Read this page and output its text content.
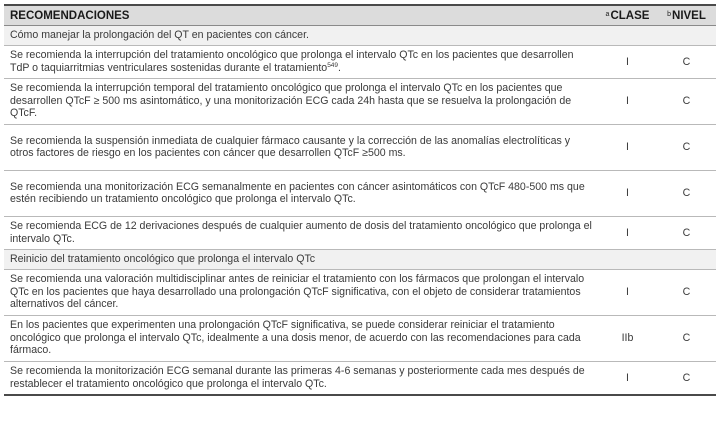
RECOMENDACIONES	$^a$CLASE	$^b$NIVEL
Cómo manejar la prolongación del QT en pacientes con cáncer.		
Se recomienda la interrupción del tratamiento oncológico que prolonga el intervalo QTc en los pacientes que desarrollen TdP o taquiarritmias ventriculares sostenidas durante el tratamiento$^{549}$.	I	C
Se recomienda la interrupción temporal del tratamiento oncológico que prolonga el intervalo QTc en los pacientes que desarrollen QTcF ≥ 500 ms asintomático, y una monitorización ECG cada 24h hasta que se resuelva la prolongación de QTcF.	I	C
Se recomienda la suspensión inmediata de cualquier fármaco causante y la corrección de las anomalías electrolíticas y otros factores de riesgo en los pacientes con cáncer que desarrollen QTcF ≥500 ms.	I	C
Se recomienda una monitorización ECG semanalmente en pacientes con cáncer asintomáticos con QTcF 480-500 ms que estén recibiendo un tratamiento oncológico que prolonga el intervalo QTc.	I	C
Se recomienda ECG de 12 derivaciones después de cualquier aumento de dosis del tratamiento oncológico que prolonga el intervalo QTc.	I	C
Reinicio del tratamiento oncológico que prolonga el intervalo QTc		
Se recomienda una valoración multidisciplinar antes de reiniciar el tratamiento con los fármacos que prolongan el intervalo QTc en los pacientes que haya desarrollado una prolongación QTcF significativa, con el objeto de considerar tratamientos alternativos del cáncer.	I	C
En los pacientes que experimenten una prolongación QTcF significativa, se puede considerar reiniciar el tratamiento oncológico que prolonga el intervalo QTc, idealmente a una dosis menor, de acuerdo con las recomendaciones para cada fármaco.	IIb	C
Se recomienda la monitorización ECG semanal durante las primeras 4-6 semanas y posteriormente cada mes después de restablecer el tratamiento oncológico que prolonga el intervalo QTc.	I	C
